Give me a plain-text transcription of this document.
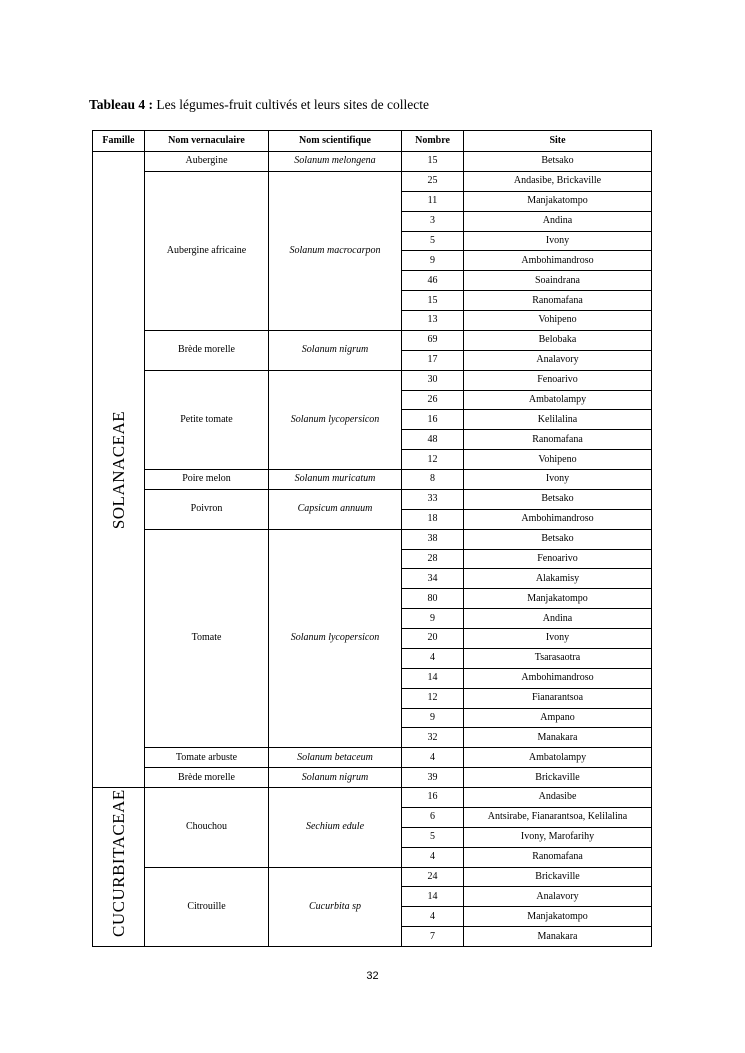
Tableau 4 : Les légumes-fruit cultivés et leurs sites de collecte
Famille	Nom vernaculaire	Nom scientifique	Nombre	Site

SOLANACEAE	Aubergine	Solanum melongena	15	Betsako
	Aubergine africaine	Solanum macrocarpon	25	Andasibe, Brickaville
			11	Manjakatompo
			3	Andina
			5	Ivony
			9	Ambohimandroso
			46	Soaindrana
			15	Ranomafana
			13	Vohipeno
	Brède morelle	Solanum nigrum	69	Belobaka
			17	Analavory
	Petite tomate	Solanum lycopersicon	30	Fenoarivo
			26	Ambatolampy
			16	Kelilalina
			48	Ranomafana
			12	Vohipeno
	Poire melon	Solanum muricatum	8	Ivony
	Poivron	Capsicum annuum	33	Betsako
			18	Ambohimandroso
	Tomate	Solanum lycopersicon	38	Betsako
			28	Fenoarivo
			34	Alakamisy
			80	Manjakatompo
			9	Andina
			20	Ivony
			4	Tsarasaotra
			14	Ambohimandroso
			12	Fianarantsoa
			9	Ampano
			32	Manakara
	Tomate arbuste	Solanum betaceum	4	Ambatolampy
	Brède morelle	Solanum nigrum	39	Brickaville

CUCURBITACEAE	Chouchou	Sechium edule	16	Andasibe
			6	Antsirabe, Fianarantsoa, Kelilalina
			5	Ivony, Marofarihy
			4	Ranomafana
	Citrouille	Cucurbita sp	24	Brickaville
			14	Analavory
			4	Manjakatompo
			7	Manakara
32
